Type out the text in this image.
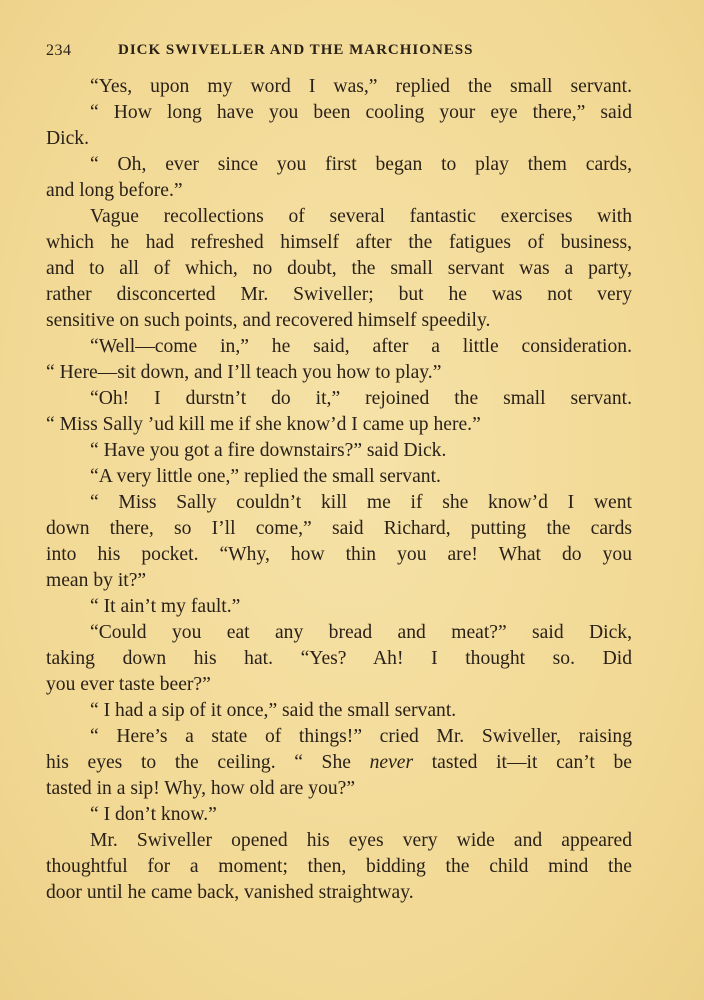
234	DICK SWIVELLER AND THE MARCHIONESS
“Yes, upon my word I was,” replied the small servant.
“ How long have you been cooling your eye there,” said
Dick.
“ Oh, ever since you first began to play them cards,
and long before.”
Vague recollections of several fantastic exercises with
which he had refreshed himself after the fatigues of business,
and to all of which, no doubt, the small servant was a party,
rather disconcerted Mr. Swiveller; but he was not very
sensitive on such points, and recovered himself speedily.
“Well—come in,” he said, after a little consideration.
“ Here—sit down, and I’ll teach you how to play.”
“Oh! I durstn’t do it,” rejoined the small servant.
“ Miss Sally ’ud kill me if she know’d I came up here.”
“ Have you got a fire downstairs?” said Dick.
“A very little one,” replied the small servant.
“ Miss Sally couldn’t kill me if she know’d I went
down there, so I’ll come,” said Richard, putting the cards
into his pocket. “Why, how thin you are! What do you
mean by it?”
“ It ain’t my fault.”
“Could you eat any bread and meat?” said Dick,
taking down his hat. “Yes? Ah! I thought so. Did
you ever taste beer?”
“ I had a sip of it once,” said the small servant.
“ Here’s a state of things!” cried Mr. Swiveller, raising
his eyes to the ceiling. “ She never tasted it—it can’t be
tasted in a sip! Why, how old are you?”
“ I don’t know.”
Mr. Swiveller opened his eyes very wide and appeared
thoughtful for a moment; then, bidding the child mind the
door until he came back, vanished straightway.
